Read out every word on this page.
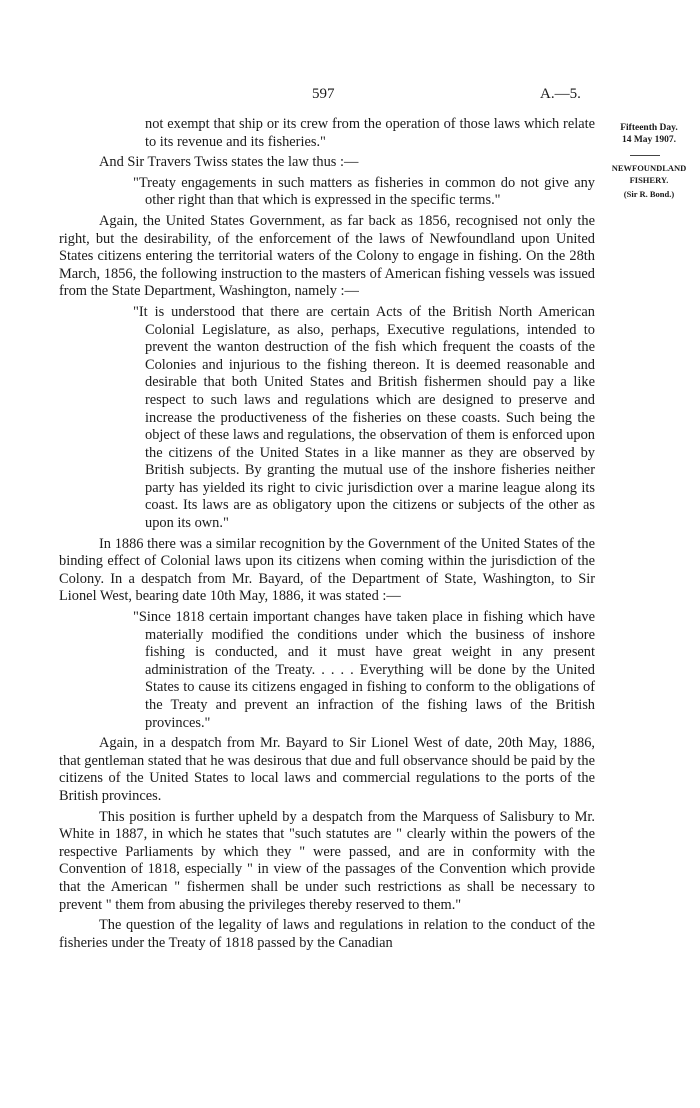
597	A.—5.
Fifteenth Day.
14 May 1907.
NEWFOUNDLAND FISHERY.
(Sir R. Bond.)

not exempt that ship or its crew from the operation of those laws which relate to its revenue and its fisheries."

And Sir Travers Twiss states the law thus :—

"Treaty engagements in such matters as fisheries in common do not give any other right than that which is expressed in the specific terms."

Again, the United States Government, as far back as 1856, recognised not only the right, but the desirability, of the enforcement of the laws of Newfoundland upon United States citizens entering the territorial waters of the Colony to engage in fishing. On the 28th March, 1856, the following instruction to the masters of American fishing vessels was issued from the State Department, Washington, namely :—

"It is understood that there are certain Acts of the British North American Colonial Legislature, as also, perhaps, Executive regulations, intended to prevent the wanton destruction of the fish which frequent the coasts of the Colonies and injurious to the fishing thereon. It is deemed reasonable and desirable that both United States and British fishermen should pay a like respect to such laws and regulations which are designed to preserve and increase the productiveness of the fisheries on these coasts. Such being the object of these laws and regulations, the observation of them is enforced upon the citizens of the United States in a like manner as they are observed by British subjects. By granting the mutual use of the inshore fisheries neither party has yielded its right to civic jurisdiction over a marine league along its coast. Its laws are as obligatory upon the citizens or subjects of the other as upon its own."

In 1886 there was a similar recognition by the Government of the United States of the binding effect of Colonial laws upon its citizens when coming within the jurisdiction of the Colony. In a despatch from Mr. Bayard, of the Department of State, Washington, to Sir Lionel West, bearing date 10th May, 1886, it was stated :—

"Since 1818 certain important changes have taken place in fishing which have materially modified the conditions under which the business of inshore fishing is conducted, and it must have great weight in any present administration of the Treaty. . . . . Everything will be done by the United States to cause its citizens engaged in fishing to conform to the obligations of the Treaty and prevent an infraction of the fishing laws of the British provinces."

Again, in a despatch from Mr. Bayard to Sir Lionel West of date, 20th May, 1886, that gentleman stated that he was desirous that due and full observance should be paid by the citizens of the United States to local laws and commercial regulations to the ports of the British provinces.

This position is further upheld by a despatch from the Marquess of Salisbury to Mr. White in 1887, in which he states that "such statutes are " clearly within the powers of the respective Parliaments by which they " were passed, and are in conformity with the Convention of 1818, especially " in view of the passages of the Convention which provide that the American " fishermen shall be under such restrictions as shall be necessary to prevent " them from abusing the privileges thereby reserved to them."

The question of the legality of laws and regulations in relation to the conduct of the fisheries under the Treaty of 1818 passed by the Canadian
